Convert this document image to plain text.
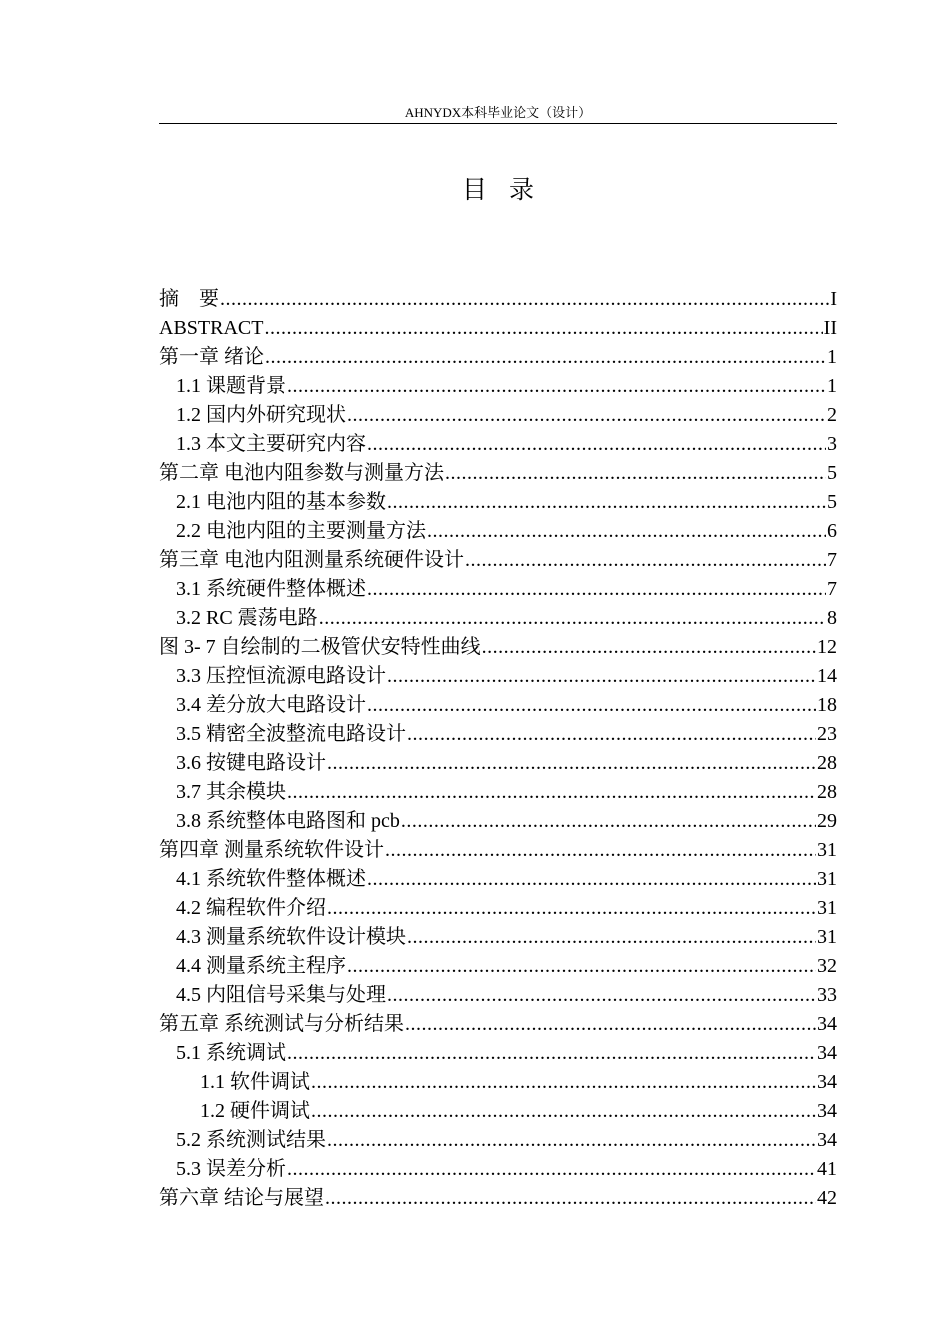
AHNYDX本科毕业论文（设计）
目录
摘　要 .....	I
ABSTRACT .....	II
第一章 绪论 .....	1
1.1 课题背景 .....	1
1.2 国内外研究现状 .....	2
1.3 本文主要研究内容 .....	3
第二章 电池内阻参数与测量方法 .....	5
2.1 电池内阻的基本参数 .....	5
2.2 电池内阻的主要测量方法 .....	6
第三章 电池内阻测量系统硬件设计 .....	7
3.1 系统硬件整体概述 .....	7
3.2 RC 震荡电路 .....	8
图 3- 7 自绘制的二极管伏安特性曲线 .....	12
3.3 压控恒流源电路设计 .....	14
3.4 差分放大电路设计 .....	18
3.5 精密全波整流电路设计 .....	23
3.6 按键电路设计 .....	28
3.7 其余模块 .....	28
3.8 系统整体电路图和 pcb .....	29
第四章 测量系统软件设计 .....	31
4.1 系统软件整体概述 .....	31
4.2 编程软件介绍 .....	31
4.3 测量系统软件设计模块 .....	31
4.4 测量系统主程序 .....	32
4.5 内阻信号采集与处理 .....	33
第五章 系统测试与分析结果 .....	34
5.1 系统调试 .....	34
1.1 软件调试 .....	34
1.2 硬件调试 .....	34
5.2 系统测试结果 .....	34
5.3 误差分析 .....	41
第六章 结论与展望 .....	42
